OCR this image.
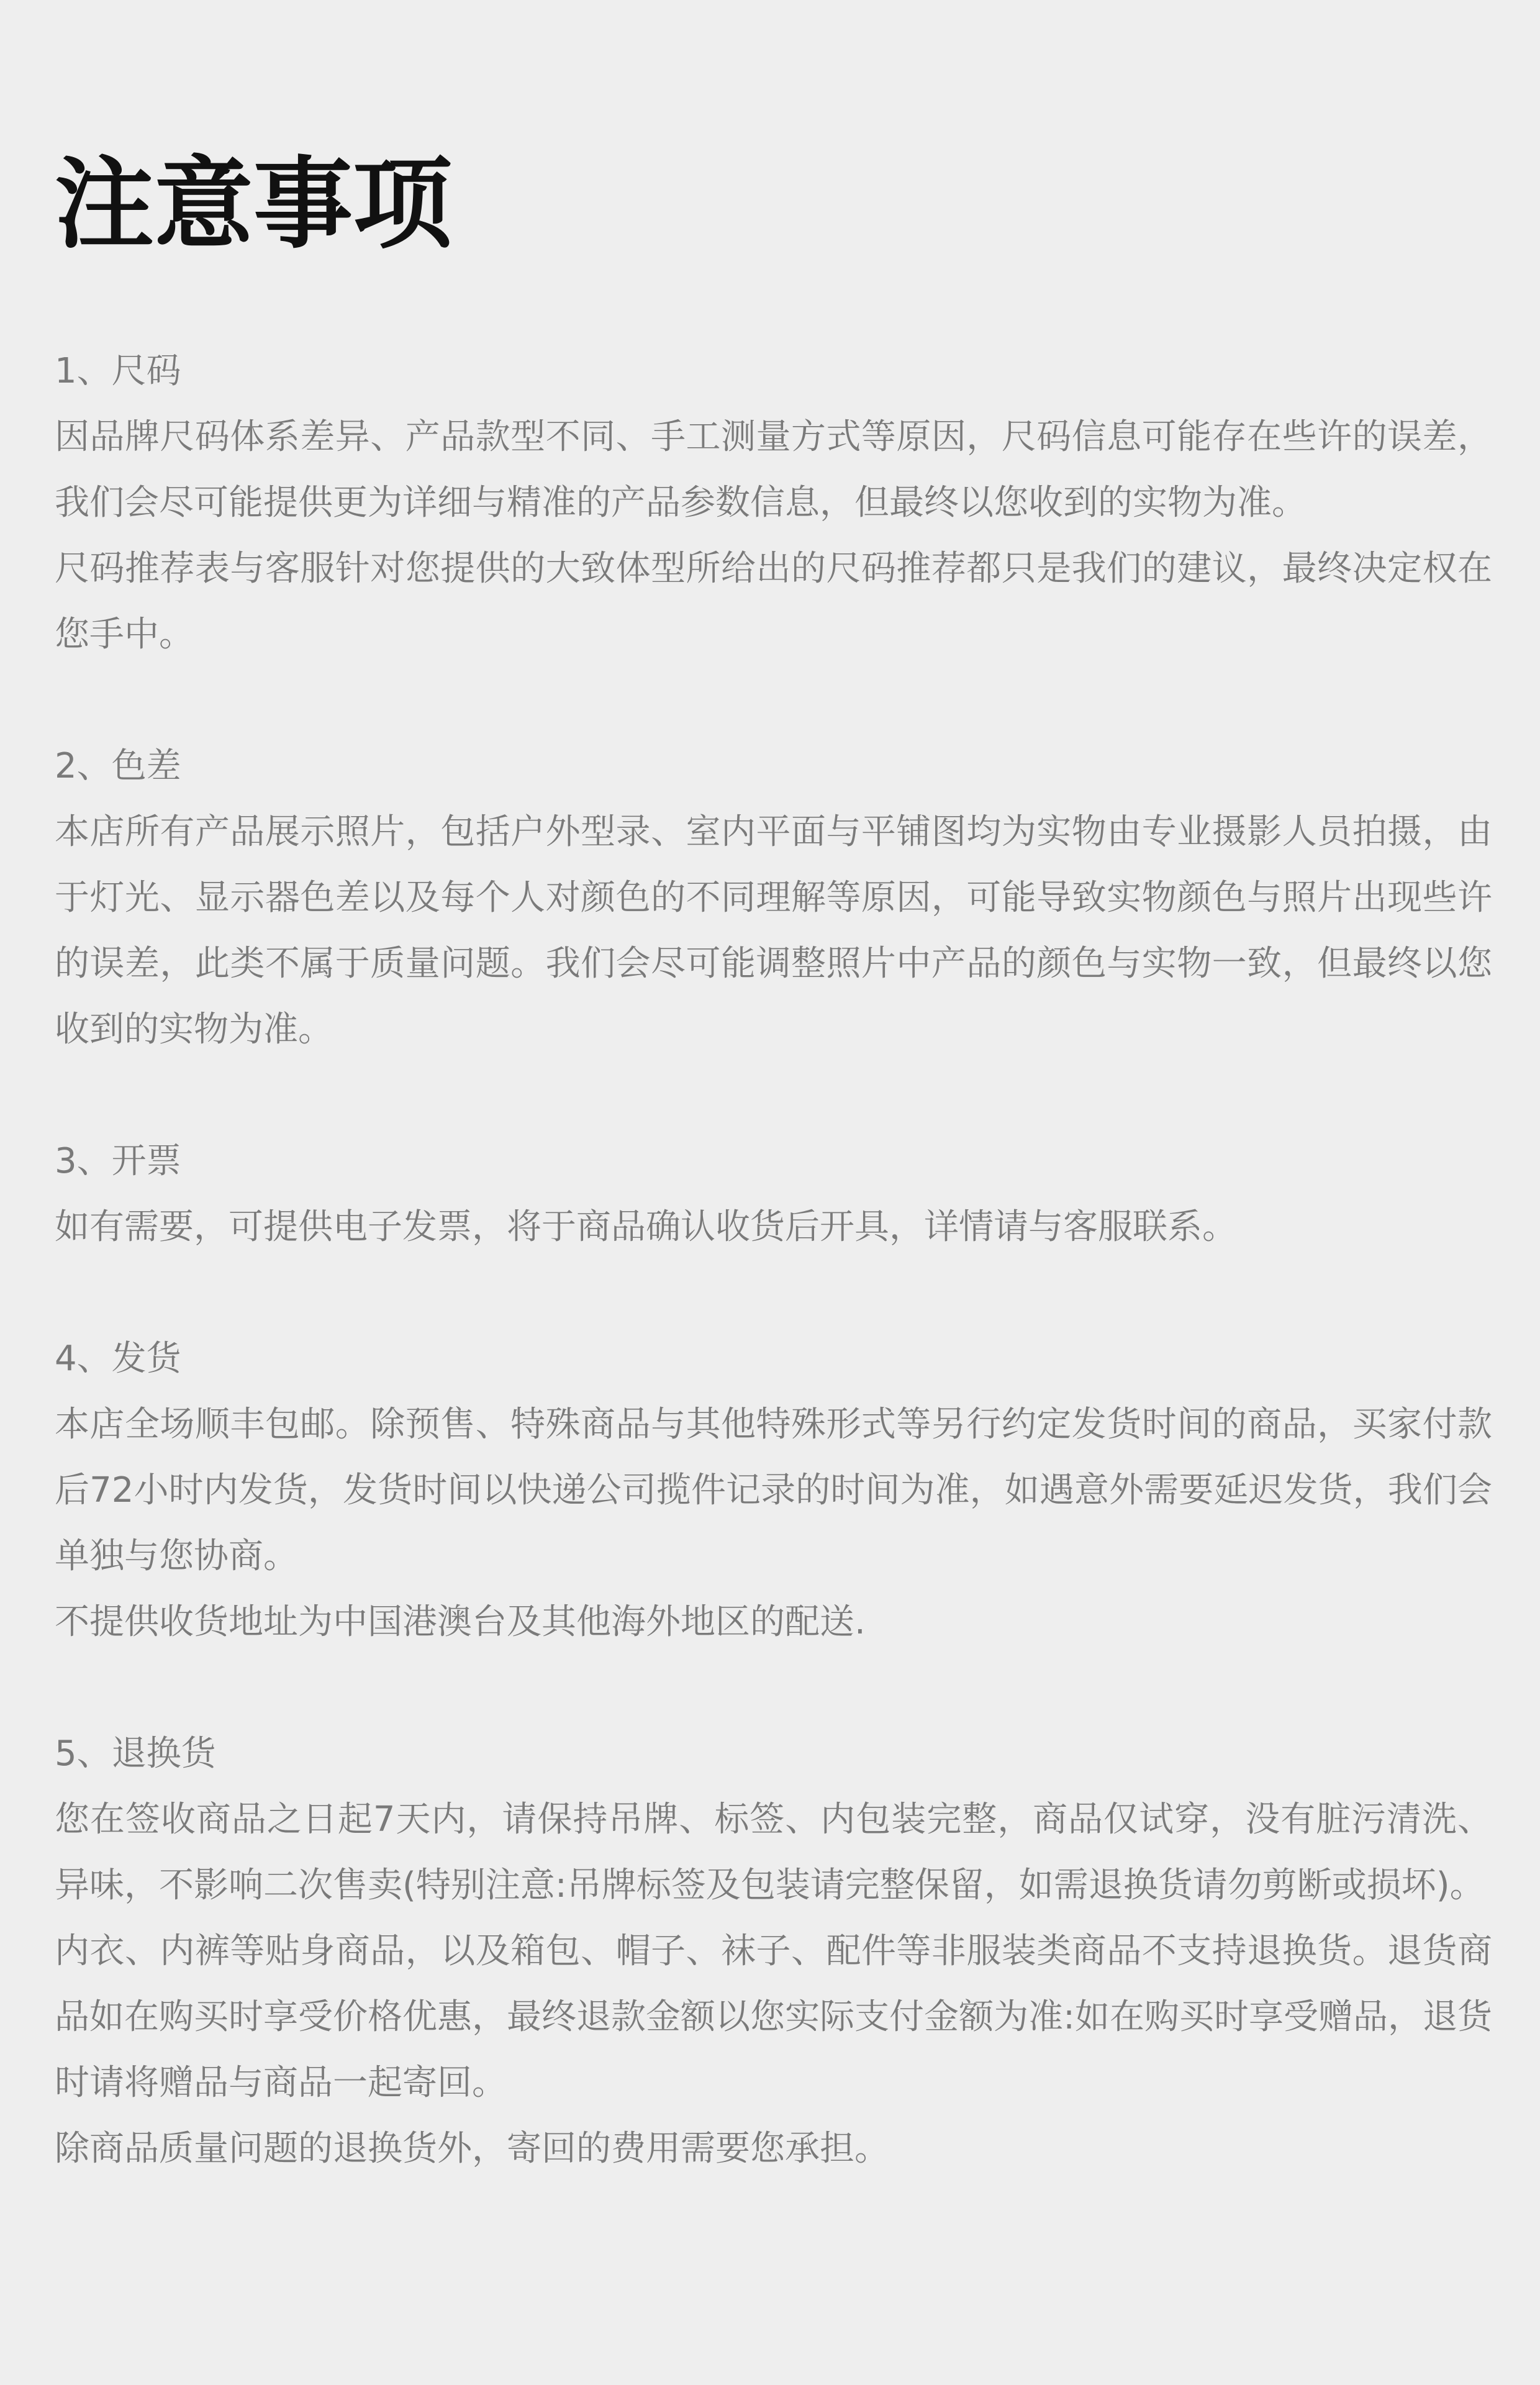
注意事项
1、尺码

因品牌尺码体系差异、产品款型不同、手工测量方式等原因，尺码信息可能存在些许的误差，我们会尽可能提供更为详细与精准的产品参数信息，但最终以您收到的实物为准。

尺码推荐表与客服针对您提供的大致体型所给出的尺码推荐都只是我们的建议，最终决定权在您手中。

2、色差

本店所有产品展示照片，包括户外型录、室内平面与平铺图均为实物由专业摄影人员拍摄，由于灯光、显示器色差以及每个人对颜色的不同理解等原因，可能导致实物颜色与照片出现些许的误差，此类不属于质量问题。我们会尽可能调整照片中产品的颜色与实物一致，但最终以您收到的实物为准。

3、开票

如有需要，可提供电子发票，将于商品确认收货后开具，详情请与客服联系。

4、发货

本店全场顺丰包邮。除预售、特殊商品与其他特殊形式等另行约定发货时间的商品，买家付款后72小时内发货，发货时间以快递公司揽件记录的时间为准，如遇意外需要延迟发货，我们会单独与您协商。

不提供收货地址为中国港澳台及其他海外地区的配送.

5、退换货

您在签收商品之日起7天内，请保持吊牌、标签、内包装完整，商品仅试穿，没有脏污清洗、异味，不影响二次售卖(特别注意:吊牌标签及包装请完整保留，如需退换货请勿剪断或损坏)。

内衣、内裤等贴身商品，以及箱包、帽子、袜子、配件等非服装类商品不支持退换货。退货商品如在购买时享受价格优惠，最终退款金额以您实际支付金额为准:如在购买时享受赠品，退货时请将赠品与商品一起寄回。

除商品质量问题的退换货外，寄回的费用需要您承担。
